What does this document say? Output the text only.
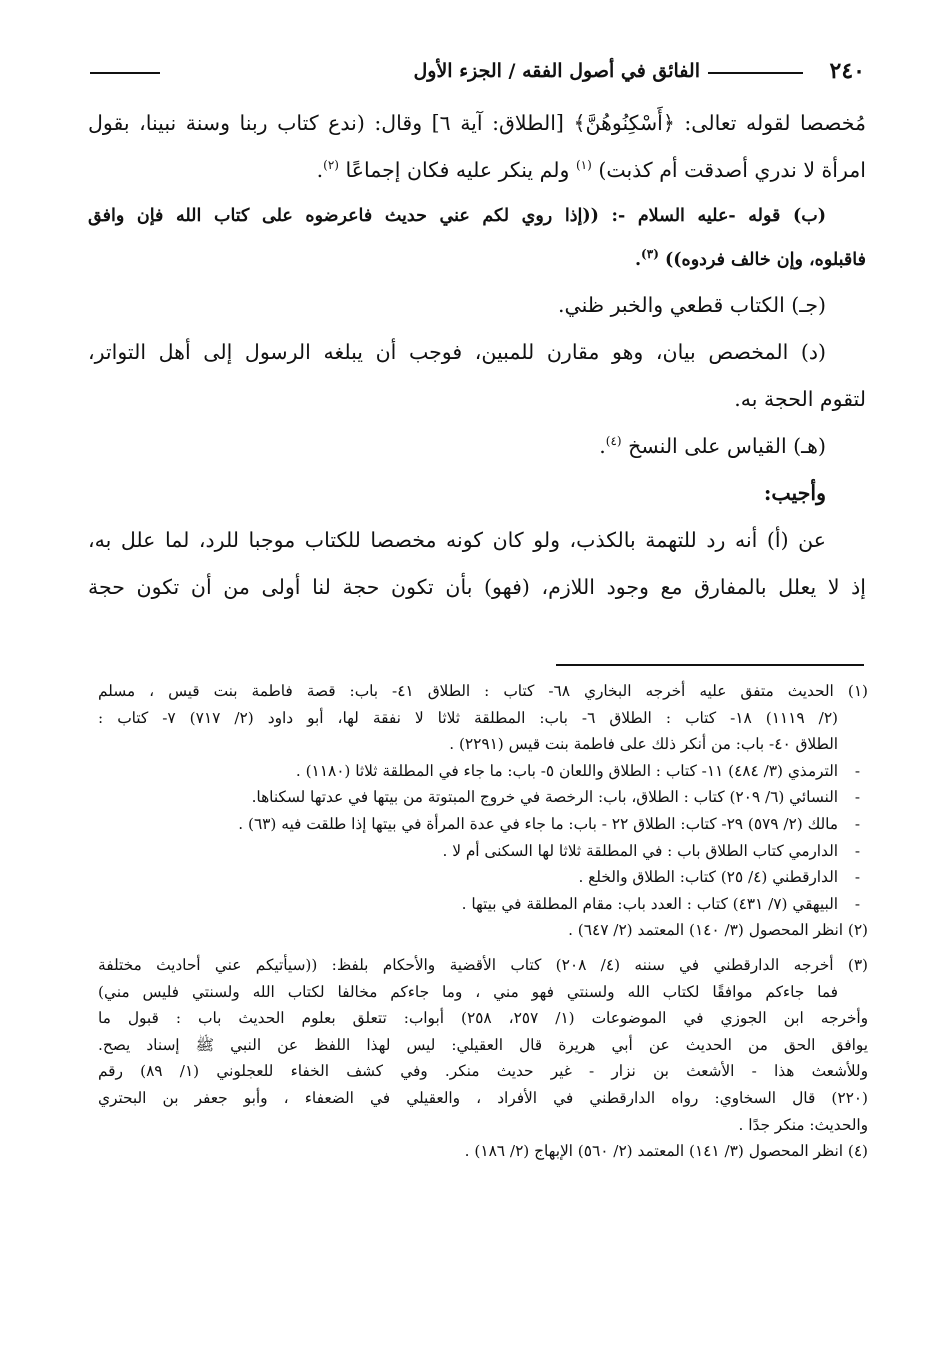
٢٤٠
الفائق في أصول الفقه / الجزء الأول

مُخصصا لقوله تعالى: ﴿أَسْكِنُوهُنَّ﴾ [الطلاق: آية ٦] وقال: (ندع كتاب ربنا وسنة نبينا، بقول

امرأة لا ندري أصدقت أم كذبت) $^{(١)}$ ولم ينكر عليه فكان إجماعًا $^{(٢)}$.

(ب) قوله -عليه السلام -: ((إذا روي لكم عني حديث فاعرضوه على كتاب الله فإن وافق

فاقبلوه، وإن خالف فردوه)) $^{(٣)}$.

(جـ) الكتاب قطعي والخبر ظني.

(د) المخصص بيان، وهو مقارن للمبين، فوجب أن يبلغه الرسول إلى أهل التواتر،

لتقوم الحجة به.

(هـ) القياس على النسخ $^{(٤)}$.

وأجيب:

عن (أ) أنه رد للتهمة بالكذب، ولو كان كونه مخصصا للكتاب موجبا للرد، لما علل به،

إذ لا يعلل بالمفارق مع وجود اللازم، (فهو) بأن تكون حجة لنا أولى من أن تكون حجة

(١) الحديث متفق عليه أخرجه البخاري ٦٨- كتاب : الطلاق ٤١- باب: قصة فاطمة بنت قيس ، مسلم

(٢/ ١١١٩) ١٨- كتاب : الطلاق ٦- باب: المطلقة ثلاثا لا نفقة لها، أبو داود (٢/ ٧١٧) ٧- كتاب :

الطلاق ٤٠- باب: من أنكر ذلك على فاطمة بنت قيس (٢٢٩١) .

- الترمذي (٣/ ٤٨٤) ١١- كتاب : الطلاق واللعان ٥- باب: ما جاء في المطلقة ثلاثا (١١٨٠) .

- النسائي (٦/ ٢٠٩) كتاب : الطلاق، باب: الرخصة في خروج المبتوتة من بيتها في عدتها لسكناها.

- مالك (٢/ ٥٧٩) ٢٩- كتاب: الطلاق ٢٢ - باب: ما جاء في عدة المرأة في بيتها إذا طلقت فيه (٦٣) .

- الدارمي كتاب الطلاق باب : في المطلقة ثلاثا لها السكنى أم لا .

- الدارقطني (٤/ ٢٥) كتاب: الطلاق والخلع .

- البيهقي (٧/ ٤٣١) كتاب : العدد باب: مقام المطلقة في بيتها .

(٢) انظر المحصول (٣/ ١٤٠) المعتمد (٢/ ٦٤٧) .

(٣) أخرجه الدارقطني في سننه (٤/ ٢٠٨) كتاب الأقضية والأحكام بلفظ: ((سيأتيكم عني أحاديث مختلفة

فما جاءكم موافقًا لكتاب الله ولسنتي فهو مني ، وما جاءكم مخالفا لكتاب الله ولسنتي فليس مني)

وأخرجه ابن الجوزي في الموضوعات (١/ ٢٥٧، ٢٥٨) أبواب: تتعلق بعلوم الحديث باب : قبول ما

يوافق الحق من الحديث عن أبي هريرة قال العقيلي: ليس لهذا اللفظ عن النبي ﷺ إسناد يصح.

وللأشعث هذا - الأشعث بن نزار - غير حديث منكر. وفي كشف الخفاء للعجلوني (١/ ٨٩) رقم

(٢٢٠) قال السخاوي: رواه الدارقطني في الأفراد ، والعقيلي في الضعفاء ، وأبو جعفر بن البحتري

والحديث: منكر جدًا .

(٤) انظر المحصول (٣/ ١٤١) المعتمد (٢/ ٥٦٠) الإبهاج (٢/ ١٨٦) .
